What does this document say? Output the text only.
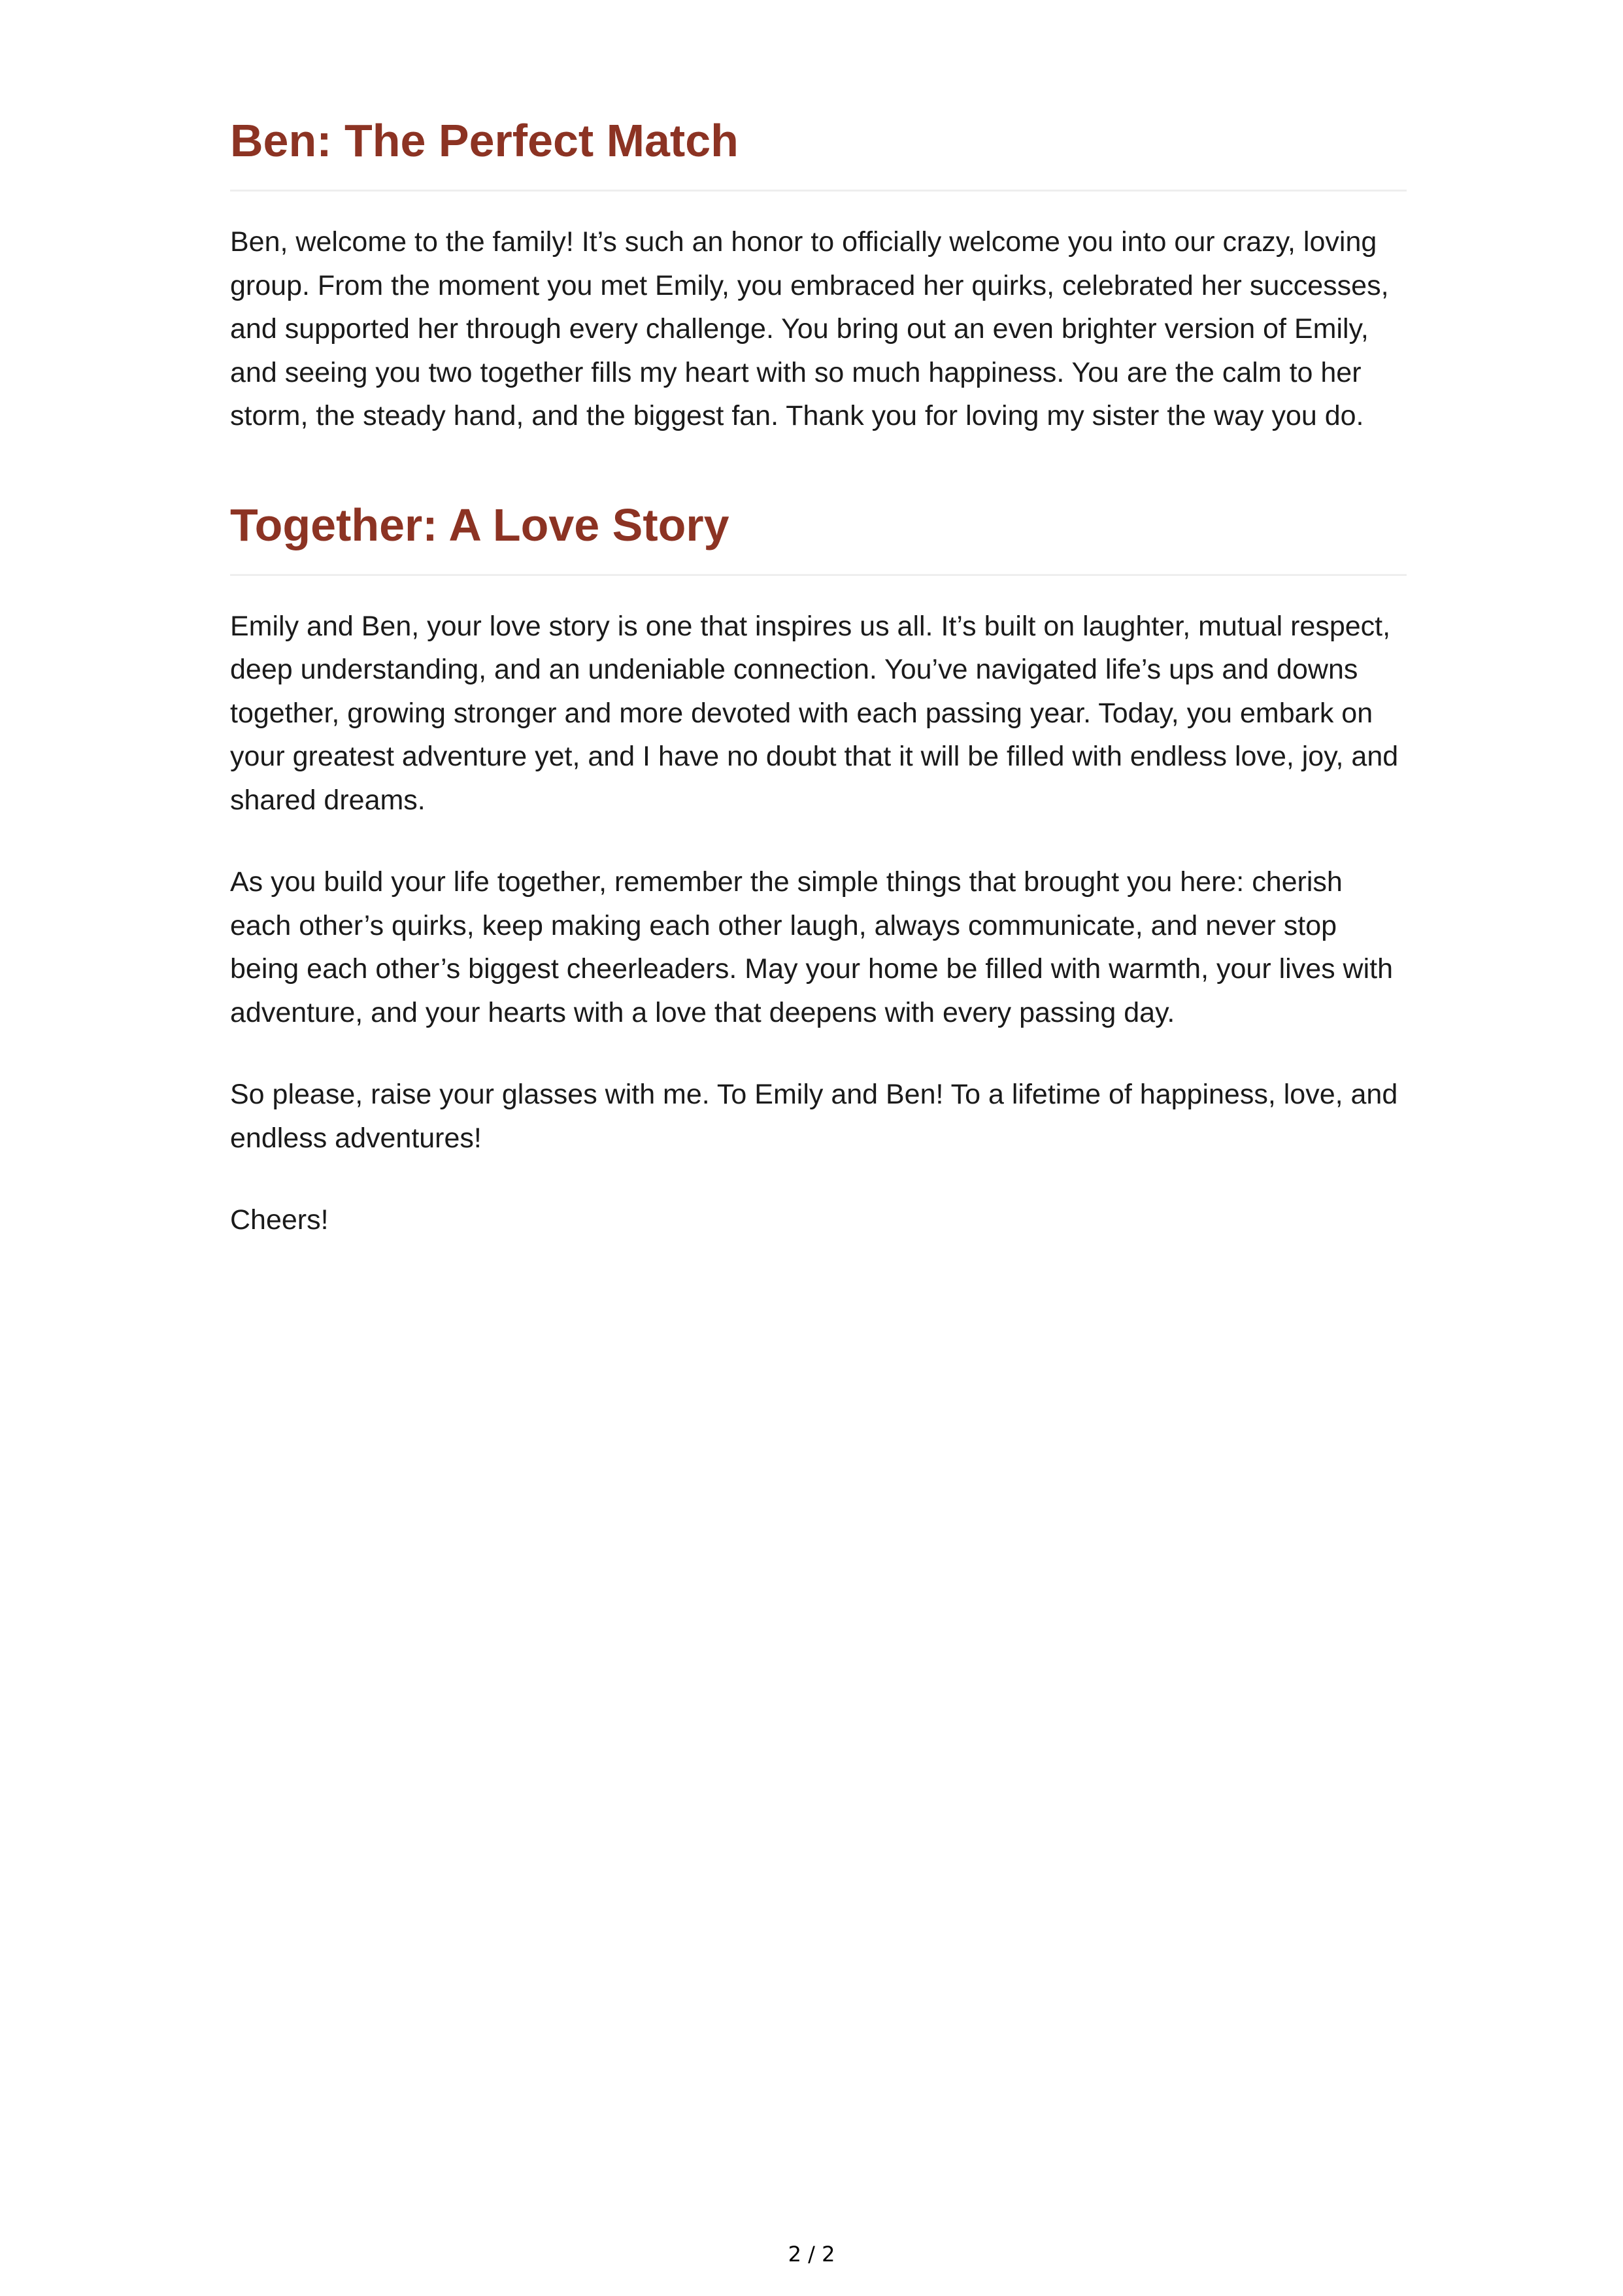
Ben: The Perfect Match

Ben, welcome to the family! It’s such an honor to officially welcome you into our crazy, loving group. From the moment you met Emily, you embraced her quirks, celebrated her successes, and supported her through every challenge. You bring out an even brighter version of Emily, and seeing you two together fills my heart with so much happiness. You are the calm to her storm, the steady hand, and the biggest fan. Thank you for loving my sister the way you do.

Together: A Love Story

Emily and Ben, your love story is one that inspires us all. It’s built on laughter, mutual respect, deep understanding, and an undeniable connection. You’ve navigated life’s ups and downs together, growing stronger and more devoted with each passing year. Today, you embark on your greatest adventure yet, and I have no doubt that it will be filled with endless love, joy, and shared dreams.

As you build your life together, remember the simple things that brought you here: cherish each other’s quirks, keep making each other laugh, always communicate, and never stop being each other’s biggest cheerleaders. May your home be filled with warmth, your lives with adventure, and your hearts with a love that deepens with every passing day.

So please, raise your glasses with me. To Emily and Ben! To a lifetime of happiness, love, and endless adventures!

Cheers!

2 / 2
